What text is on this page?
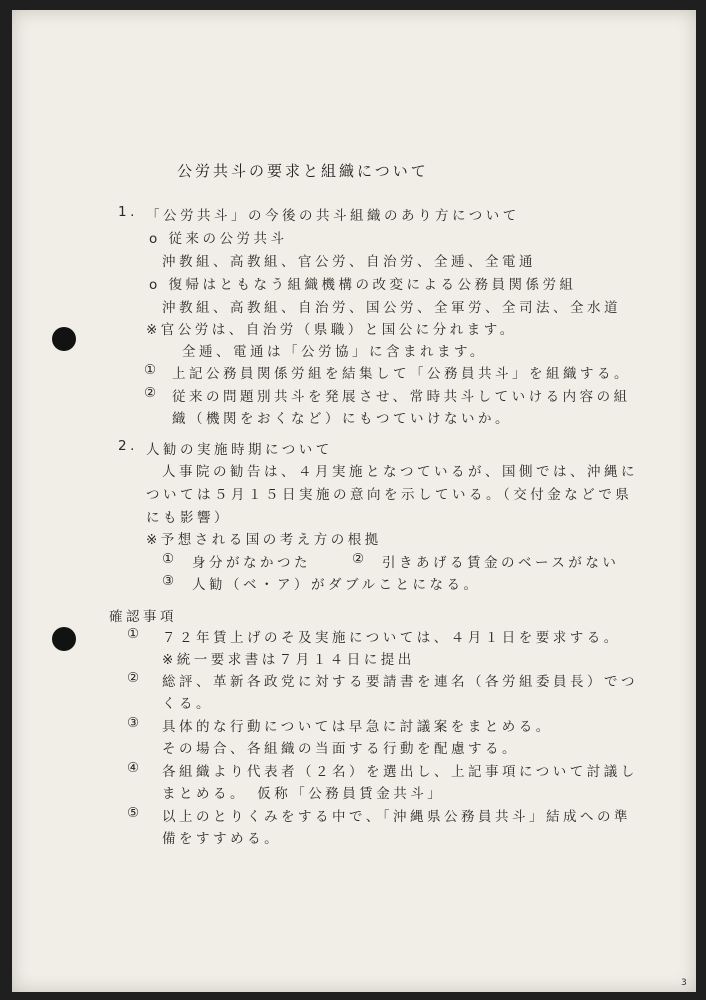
公労共斗の要求と組織について
1. 「公労共斗」の今後の共斗組織のあり方について
o 従来の公労共斗
沖教組、高教組、官公労、自治労、全逓、全電通
o 復帰はともなう組織機構の改変による公務員関係労組
沖教組、高教組、自治労、国公労、全軍労、全司法、全水道
※官公労は、自治労（県職）と国公に分れます。
全逓、電通は「公労協」に含まれます。
① 上記公務員関係労組を結集して「公務員共斗」を組織する。
② 従来の問題別共斗を発展させ、常時共斗していける内容の組
織（機関をおくなど）にもつていけないか。
2. 人勧の実施時期について
人事院の勧告は、４月実施となつているが、国側では、沖縄に
ついては５月１５日実施の意向を示している。（交付金などで県
にも影響）
※予想される国の考え方の根拠
① 身分がなかつた	② 引きあげる賃金のベースがない
③ 人勧（ベ・ア）がダブルことになる。
確認事項
① ７２年賃上げのそ及実施については、４月１日を要求する。
※統一要求書は７月１４日に提出
② 総評、革新各政党に対する要請書を連名（各労組委員長）でつ
くる。
③ 具体的な行動については早急に討議案をまとめる。
その場合、各組織の当面する行動を配慮する。
④ 各組織より代表者（２名）を選出し、上記事項について討議し
まとめる。　仮称「公務員賃金共斗」
⑤ 以上のとりくみをする中で、「沖縄県公務員共斗」結成への準
備をすすめる。
3
